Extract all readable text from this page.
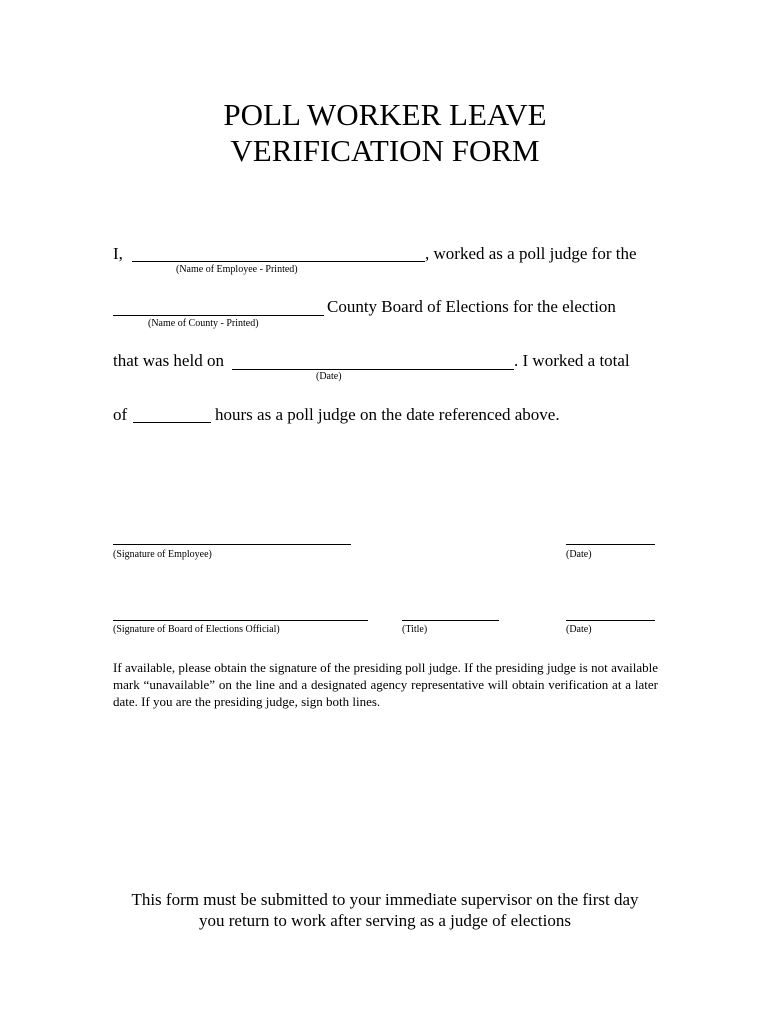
POLL WORKER LEAVE
VERIFICATION FORM
I,	, worked as a poll judge for the
(Name of Employee - Printed)
County Board of Elections for the election
(Name of County - Printed)
that was held on	. I worked a total
(Date)
of	hours as a poll judge on the date referenced above.
(Signature of Employee)	(Date)
(Signature of Board of Elections Official)	(Title)	(Date)
If available, please obtain the signature of the presiding poll judge. If the presiding judge is not available mark “unavailable” on the line and a designated agency representative will obtain verification at a later date. If you are the presiding judge, sign both lines.
This form must be submitted to your immediate supervisor on the first day
you return to work after serving as a judge of elections
